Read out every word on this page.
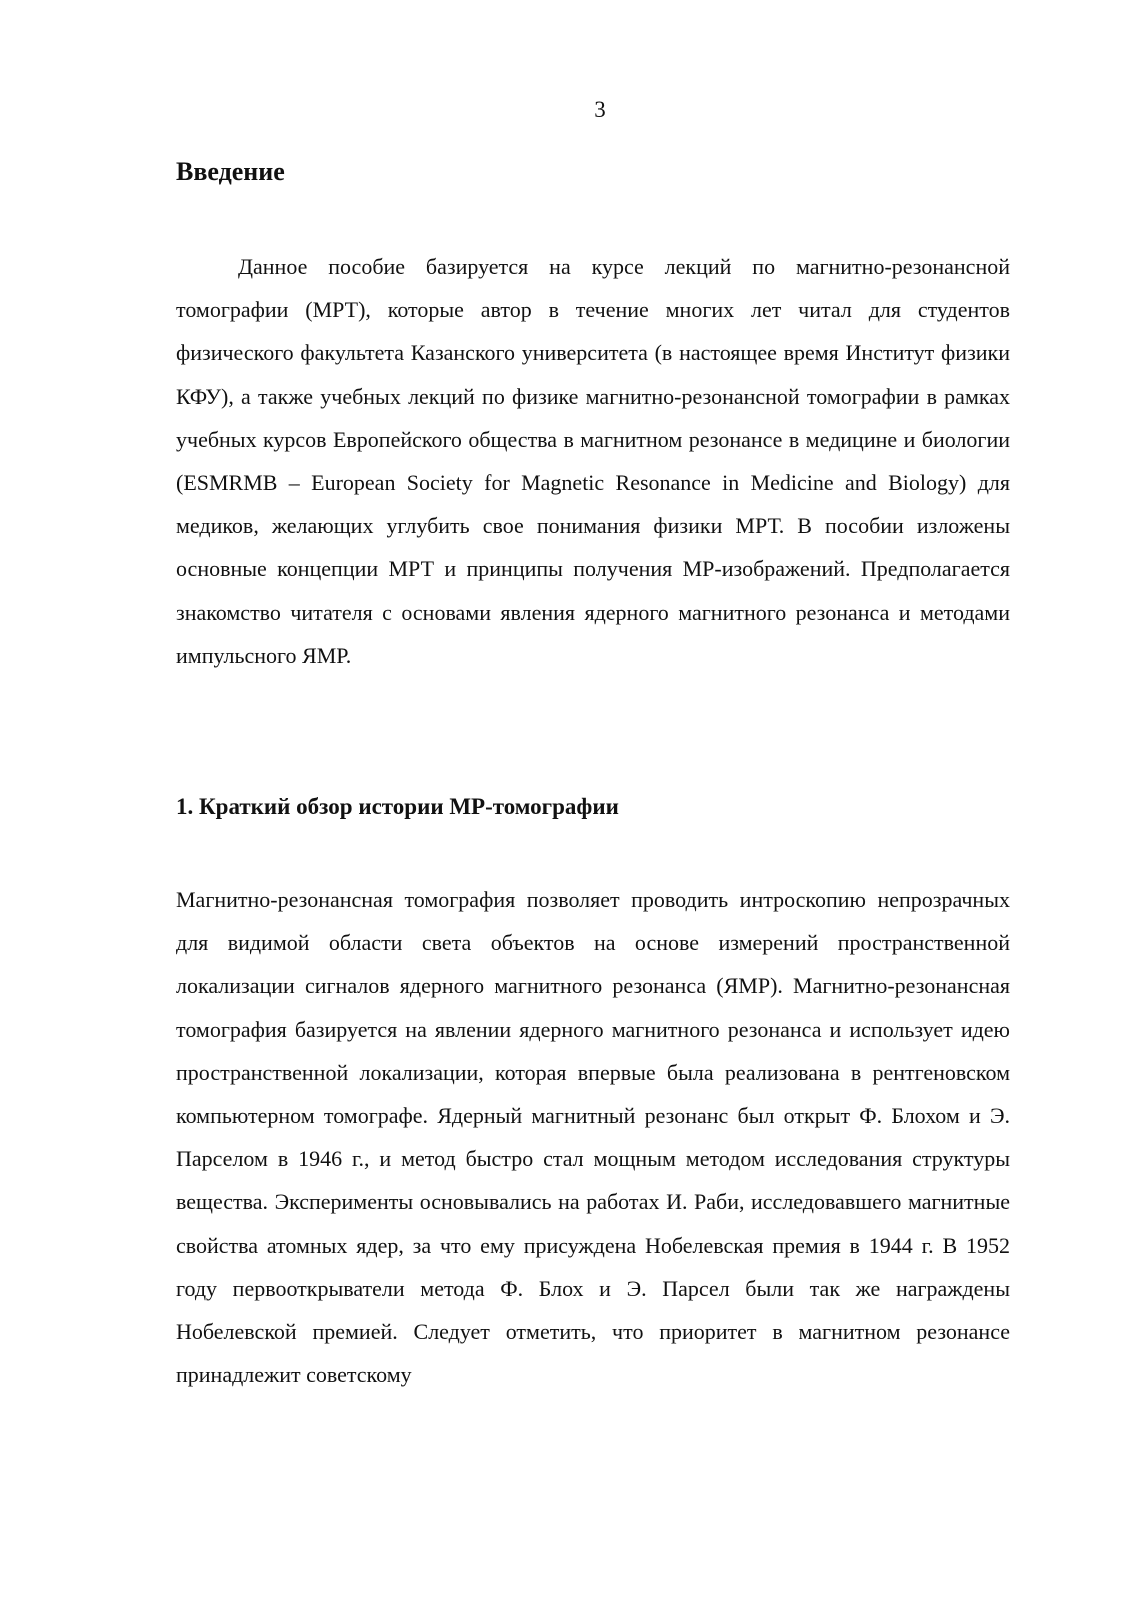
3
Введение

Данное пособие базируется на курсе лекций по магнитно-резонансной томографии (МРТ), которые автор в течение многих лет читал для студентов физического факультета Казанского университета (в настоящее время Институт физики КФУ), а также учебных лекций по физике магнитно-резонансной томографии в рамках учебных курсов Европейского общества в магнитном резонансе в медицине и биологии (ESMRMB – European Society for Magnetic Resonance in Medicine and Biology) для медиков, желающих углубить свое понимания физики МРТ. В пособии изложены основные концепции МРТ и принципы получения МР-изображений. Предполагается знакомство читателя с основами явления ядерного магнитного резонанса и методами импульсного ЯМР.

1. Краткий обзор истории МР-томографии

Магнитно-резонансная томография позволяет проводить интроскопию непрозрачных для видимой области света объектов на основе измерений пространственной локализации сигналов ядерного магнитного резонанса (ЯМР). Магнитно-резонансная томография базируется на явлении ядерного магнитного резонанса и использует идею пространственной локализации, которая впервые была реализована в рентгеновском компьютерном томографе. Ядерный магнитный резонанс был открыт Ф. Блохом и Э. Парселом в 1946 г., и метод быстро стал мощным методом исследования структуры вещества. Эксперименты основывались на работах И. Раби, исследовавшего магнитные свойства атомных ядер, за что ему присуждена Нобелевская премия в 1944 г. В 1952 году первооткрыватели метода Ф. Блох и Э. Парсел были так же награждены Нобелевской премией. Следует отметить, что приоритет в магнитном резонансе принадлежит советскому
